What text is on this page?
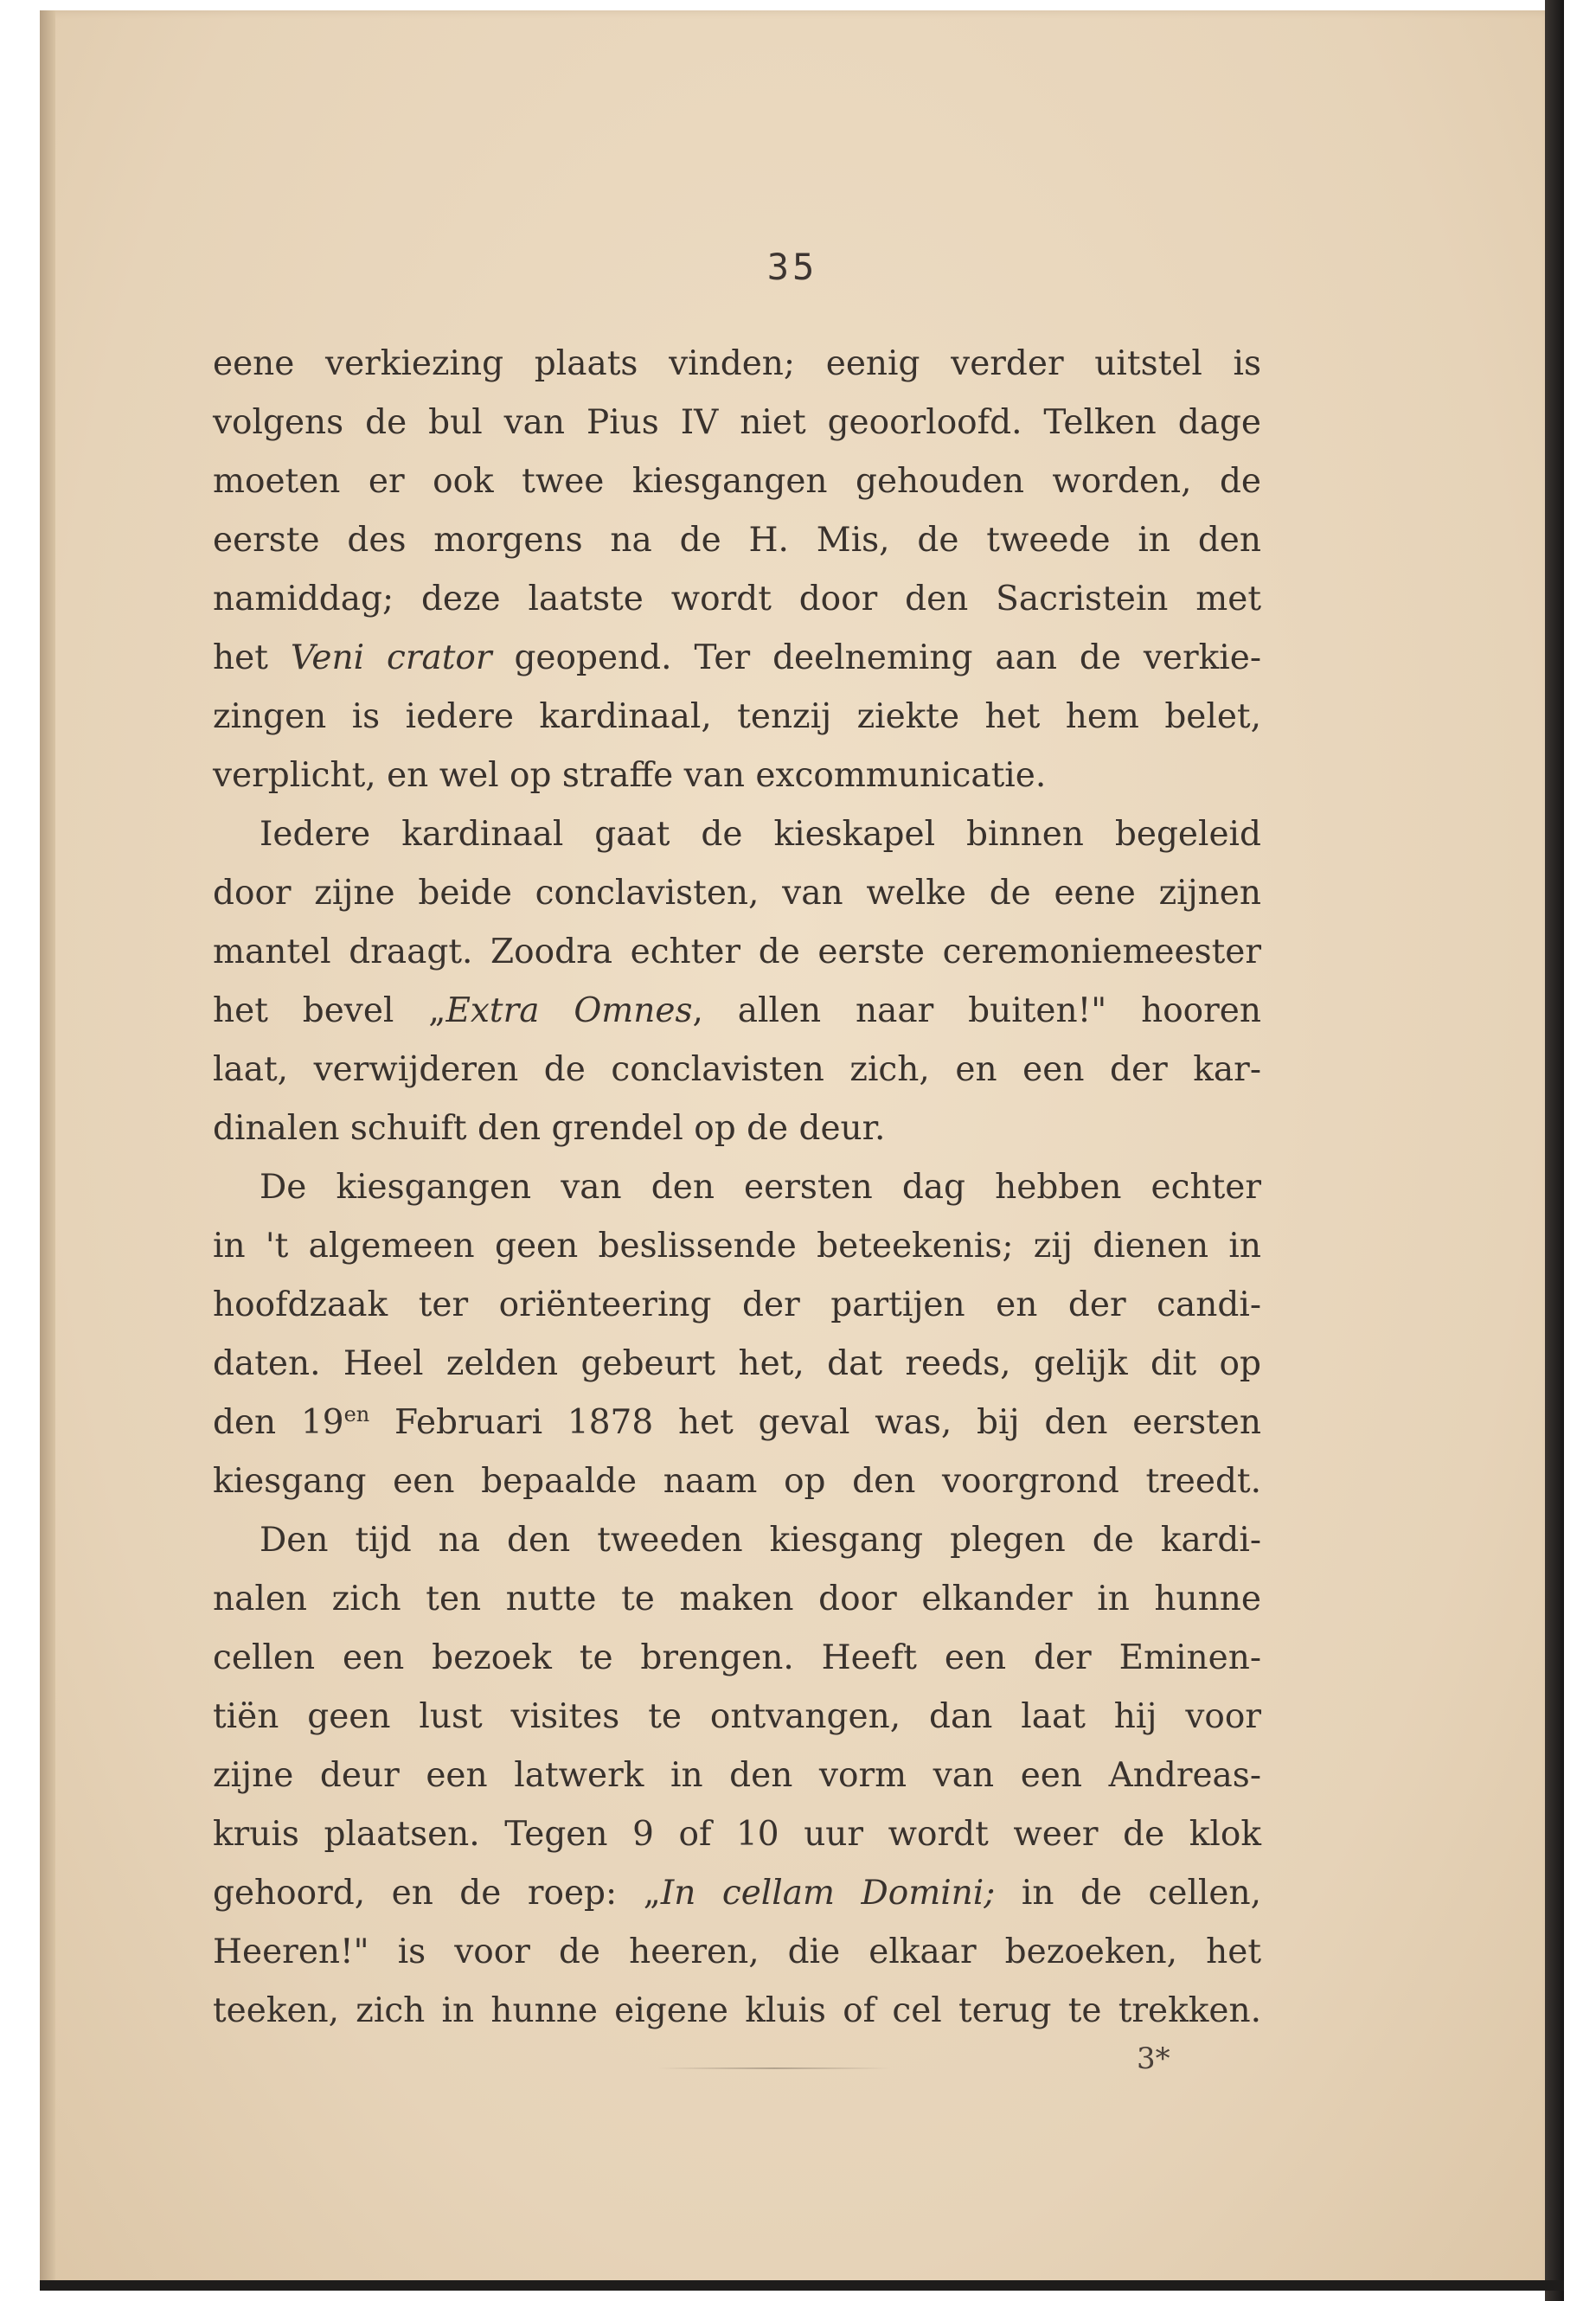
35
eene verkiezing plaats vinden; eenig verder uitstel is
volgens de bul van Pius IV niet geoorloofd. Telken dage
moeten er ook twee kiesgangen gehouden worden, de
eerste des morgens na de H. Mis, de tweede in den
namiddag; deze laatste wordt door den Sacristein met
het Veni crator geopend. Ter deelneming aan de verkie-
zingen is iedere kardinaal, tenzij ziekte het hem belet,
verplicht, en wel op straffe van excommunicatie.
Iedere kardinaal gaat de kieskapel binnen begeleid
door zijne beide conclavisten, van welke de eene zijnen
mantel draagt. Zoodra echter de eerste ceremoniemeester
het bevel „Extra Omnes, allen naar buiten!" hooren
laat, verwijderen de conclavisten zich, en een der kar-
dinalen schuift den grendel op de deur.
De kiesgangen van den eersten dag hebben echter
in 't algemeen geen beslissende beteekenis; zij dienen in
hoofdzaak ter oriënteering der partijen en der candi-
daten. Heel zelden gebeurt het, dat reeds, gelijk dit op
den $19^{en}$ Februari 1878 het geval was, bij den eersten
kiesgang een bepaalde naam op den voorgrond treedt.
Den tijd na den tweeden kiesgang plegen de kardi-
nalen zich ten nutte te maken door elkander in hunne
cellen een bezoek te brengen. Heeft een der Eminen-
tiën geen lust visites te ontvangen, dan laat hij voor
zijne deur een latwerk in den vorm van een Andreas-
kruis plaatsen. Tegen 9 of 10 uur wordt weer de klok
gehoord, en de roep: „In cellam Domini; in de cellen,
Heeren!" is voor de heeren, die elkaar bezoeken, het
teeken, zich in hunne eigene kluis of cel terug te trekken.
3*
